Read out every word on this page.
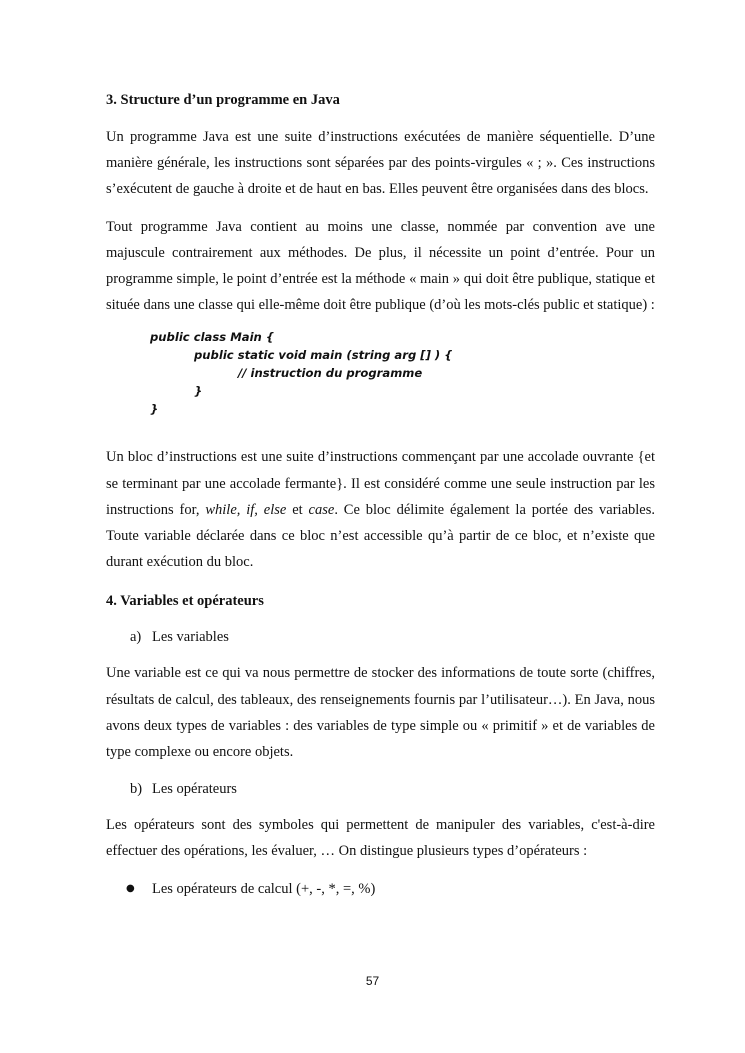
3. Structure d’un programme en Java

Un programme Java est une suite d’instructions exécutées de manière séquentielle. D’une manière générale, les instructions sont séparées par des points-virgules « ; ». Ces instructions s’exécutent de gauche à droite et de haut en bas. Elles peuvent être organisées dans des blocs.

Tout programme Java contient au moins une classe, nommée par convention ave une majuscule contrairement aux méthodes. De plus, il nécessite un point d’entrée. Pour un programme simple, le point d’entrée est la méthode « main » qui doit être publique, statique et située dans une classe qui elle-même doit être publique (d’où les mots-clés public et statique) :

public class Main {
public static void main (string arg [] ) {
// instruction du programme
}
}

Un bloc d’instructions est une suite d’instructions commençant par une accolade ouvrante {et se terminant par une accolade fermante}. Il est considéré comme une seule instruction par les instructions for, while, if, else et case. Ce bloc délimite également la portée des variables. Toute variable déclarée dans ce bloc n’est accessible qu’à partir de ce bloc, et n’existe que durant exécution du bloc.

4. Variables et opérateurs
a) Les variables

Une variable est ce qui va nous permettre de stocker des informations de toute sorte (chiffres, résultats de calcul, des tableaux, des renseignements fournis par l’utilisateur…). En Java, nous avons deux types de variables : des variables de type simple ou « primitif » et de variables de type complexe ou encore objets.

b) Les opérateurs

Les opérateurs sont des symboles qui permettent de manipuler des variables, c'est-à-dire effectuer des opérations, les évaluer, … On distingue plusieurs types d’opérateurs :

●	Les opérateurs de calcul (+, -, *, =, %)
57
